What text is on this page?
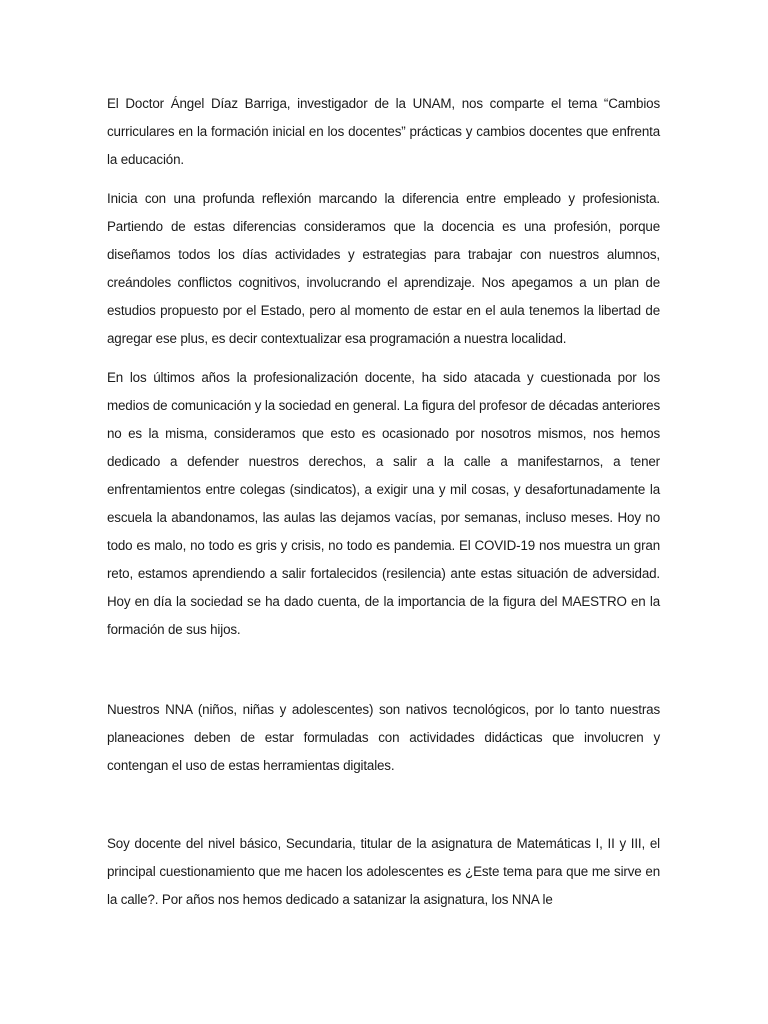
El Doctor Ángel Díaz Barriga, investigador de la UNAM, nos comparte el tema “Cambios curriculares en la formación inicial en los docentes” prácticas y cambios docentes que enfrenta la educación.

Inicia con una profunda reflexión marcando la diferencia entre empleado y profesionista. Partiendo de estas diferencias consideramos que la docencia es una profesión, porque diseñamos todos los días actividades y estrategias para trabajar con nuestros alumnos, creándoles conflictos cognitivos, involucrando el aprendizaje. Nos apegamos a un plan de estudios propuesto por el Estado, pero al momento de estar en el aula tenemos la libertad de agregar ese plus, es decir contextualizar esa programación a nuestra localidad.

En los últimos años la profesionalización docente, ha sido atacada y cuestionada por los medios de comunicación y la sociedad en general. La figura del profesor de décadas anteriores no es la misma, consideramos que esto es ocasionado por nosotros mismos, nos hemos dedicado a defender nuestros derechos, a salir a la calle a manifestarnos, a tener enfrentamientos entre colegas (sindicatos), a exigir una y mil cosas, y desafortunadamente la escuela la abandonamos, las aulas las dejamos vacías, por semanas, incluso meses. Hoy no todo es malo, no todo es gris y crisis, no todo es pandemia. El COVID-19 nos muestra un gran reto, estamos aprendiendo a salir fortalecidos (resilencia) ante estas situación de adversidad. Hoy en día la sociedad se ha dado cuenta, de la importancia de la figura del MAESTRO en la formación de sus hijos.

Nuestros NNA (niños, niñas y adolescentes) son nativos tecnológicos, por lo tanto nuestras planeaciones deben de estar formuladas con actividades didácticas que involucren y contengan el uso de estas herramientas digitales.

Soy docente del nivel básico, Secundaria, titular de la asignatura de Matemáticas I, II y III, el principal cuestionamiento que me hacen los adolescentes es ¿Este tema para que me sirve en la calle?. Por años nos hemos dedicado a satanizar la asignatura, los NNA le
